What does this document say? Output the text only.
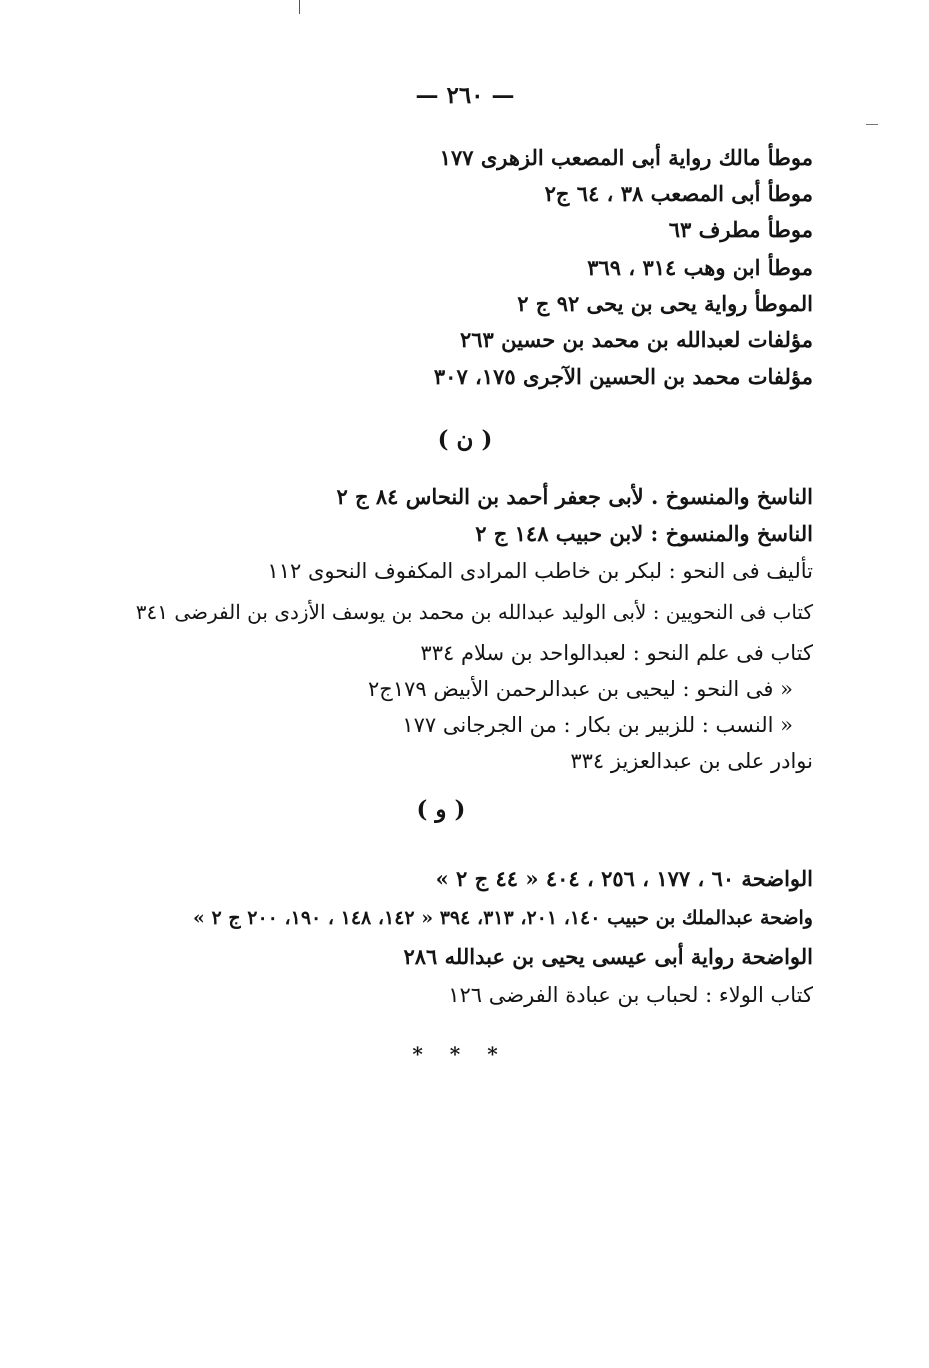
— ٢٦٠ —
موطأ مالك رواية أبى المصعب الزهرى ١٧٧
موطأ أبى المصعب ٣٨ ، ٦٤ ج٢
موطأ مطرف ٦٣
موطأ ابن وهب ٣١٤ ، ٣٦٩
الموطأ رواية يحى بن يحى ٩٢ ج ٢
مؤلفات لعبدالله بن محمد بن حسين ٢٦٣
مؤلفات محمد بن الحسين الآجرى ١٧٥، ٣٠٧
( ن )
الناسخ والمنسوخ . لأبى جعفر أحمد بن النحاس ٨٤ ج ٢
الناسخ والمنسوخ : لابن حبيب ١٤٨ ج ٢
تأليف فى النحو : لبكر بن خاطب المرادى المكفوف النحوى ١١٢
كتاب فى النحويين : لأبى الوليد عبدالله بن محمد بن يوسف الأزدى بن الفرضى ٣٤١
كتاب فى علم النحو : لعبدالواحد بن سلام ٣٣٤
« فى النحو : ليحيى بن عبدالرحمن الأبيض ١٧٩ج٢
« النسب : للزبير بن بكار : من الجرجانى ١٧٧
نوادر على بن عبدالعزيز ٣٣٤
( و )
الواضحة ٦٠ ، ١٧٧ ، ٢٥٦ ، ٤٠٤ « ٤٤ ج ٢ »
واضحة عبدالملك بن حبيب ١٤٠، ٢٠١، ٣١٣، ٣٩٤ « ١٤٢، ١٤٨ ، ١٩٠، ٢٠٠ ج ٢ »
الواضحة رواية أبى عيسى يحيى بن عبدالله ٢٨٦
كتاب الولاء : لحباب بن عبادة الفرضى ١٢٦
* * *
